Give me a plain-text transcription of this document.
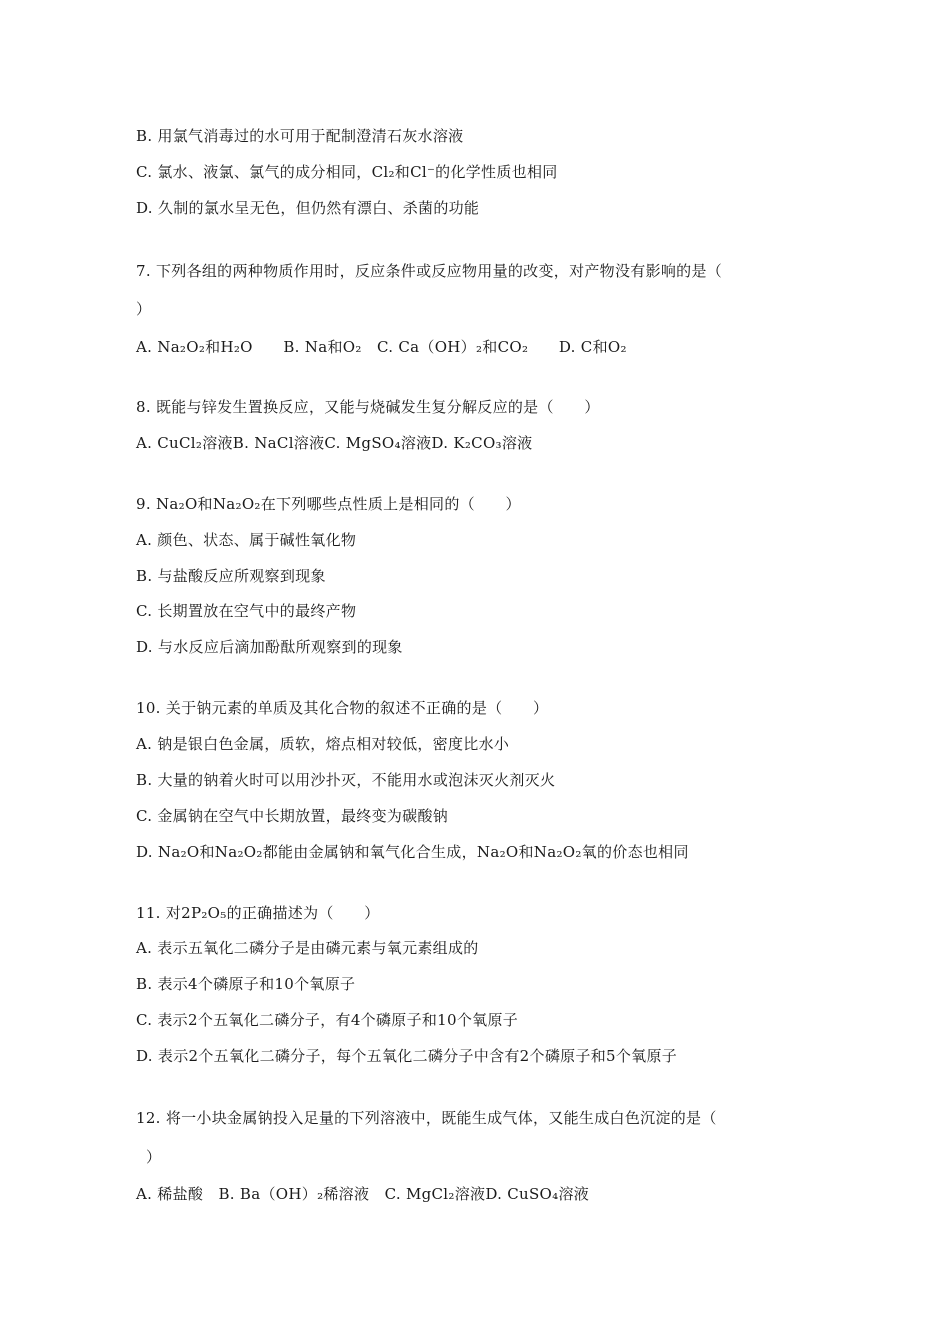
B. 用氯气消毒过的水可用于配制澄清石灰水溶液
C. 氯水、液氯、氯气的成分相同，Cl₂和Cl⁻的化学性质也相同
D. 久制的氯水呈无色，但仍然有漂白、杀菌的功能
7. 下列各组的两种物质作用时，反应条件或反应物用量的改变，对产物没有影响的是（
）
A. Na₂O₂和H₂O　　B. Na和O₂　C. Ca（OH）₂和CO₂　　D. C和O₂
8. 既能与锌发生置换反应，又能与烧碱发生复分解反应的是（　　）
A. CuCl₂溶液B. NaCl溶液C. MgSO₄溶液D. K₂CO₃溶液
9. Na₂O和Na₂O₂在下列哪些点性质上是相同的（　　）
A. 颜色、状态、属于碱性氧化物
B. 与盐酸反应所观察到现象
C. 长期置放在空气中的最终产物
D. 与水反应后滴加酚酞所观察到的现象
10. 关于钠元素的单质及其化合物的叙述不正确的是（　　）
A. 钠是银白色金属，质软，熔点相对较低，密度比水小
B. 大量的钠着火时可以用沙扑灭，不能用水或泡沫灭火剂灭火
C. 金属钠在空气中长期放置，最终变为碳酸钠
D. Na₂O和Na₂O₂都能由金属钠和氧气化合生成，Na₂O和Na₂O₂氧的价态也相同
11. 对2P₂O₅的正确描述为（　　）
A. 表示五氧化二磷分子是由磷元素与氧元素组成的
B. 表示4个磷原子和10个氧原子
C. 表示2个五氧化二磷分子，有4个磷原子和10个氧原子
D. 表示2个五氧化二磷分子，每个五氧化二磷分子中含有2个磷原子和5个氧原子
12. 将一小块金属钠投入足量的下列溶液中，既能生成气体，又能生成白色沉淀的是（
）
A. 稀盐酸　B. Ba（OH）₂稀溶液　C. MgCl₂溶液D. CuSO₄溶液
